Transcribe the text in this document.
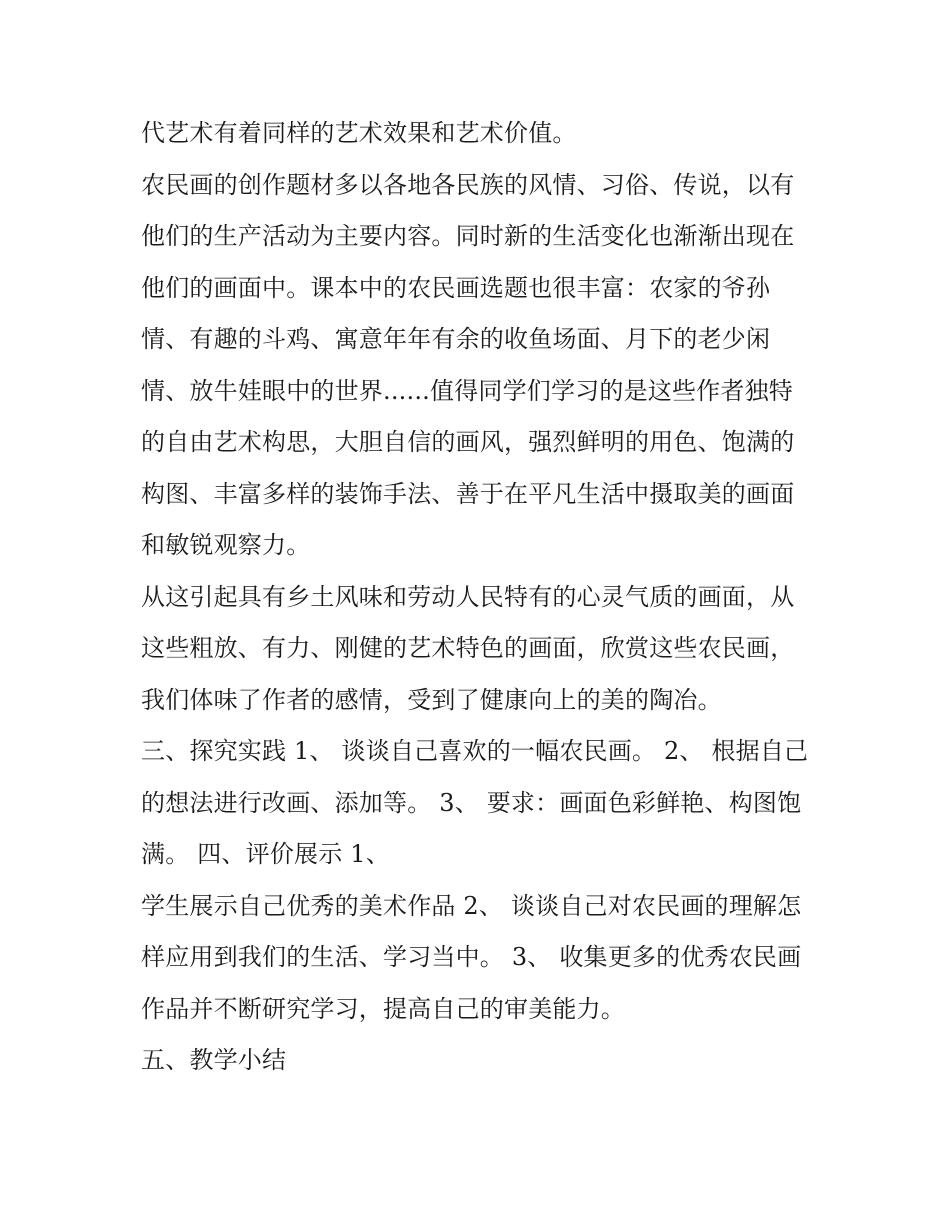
代艺术有着同样的艺术效果和艺术价值。
农民画的创作题材多以各地各民族的风情、习俗、传说，以有
他们的生产活动为主要内容。同时新的生活变化也渐渐出现在
他们的画面中。课本中的农民画选题也很丰富：农家的爷孙
情、有趣的斗鸡、寓意年年有余的收鱼场面、月下的老少闲
情、放牛娃眼中的世界......值得同学们学习的是这些作者独特
的自由艺术构思，大胆自信的画风，强烈鲜明的用色、饱满的
构图、丰富多样的装饰手法、善于在平凡生活中摄取美的画面
和敏锐观察力。
从这引起具有乡土风味和劳动人民特有的心灵气质的画面，从
这些粗放、有力、刚健的艺术特色的画面，欣赏这些农民画，
我们体味了作者的感情，受到了健康向上的美的陶冶。
三、探究实践 1、 谈谈自己喜欢的一幅农民画。 2、 根据自己
的想法进行改画、添加等。 3、 要求：画面色彩鲜艳、构图饱
满。 四、评价展示 1、
学生展示自己优秀的美术作品 2、 谈谈自己对农民画的理解怎
样应用到我们的生活、学习当中。 3、 收集更多的优秀农民画
作品并不断研究学习，提高自己的审美能力。
五、教学小结
